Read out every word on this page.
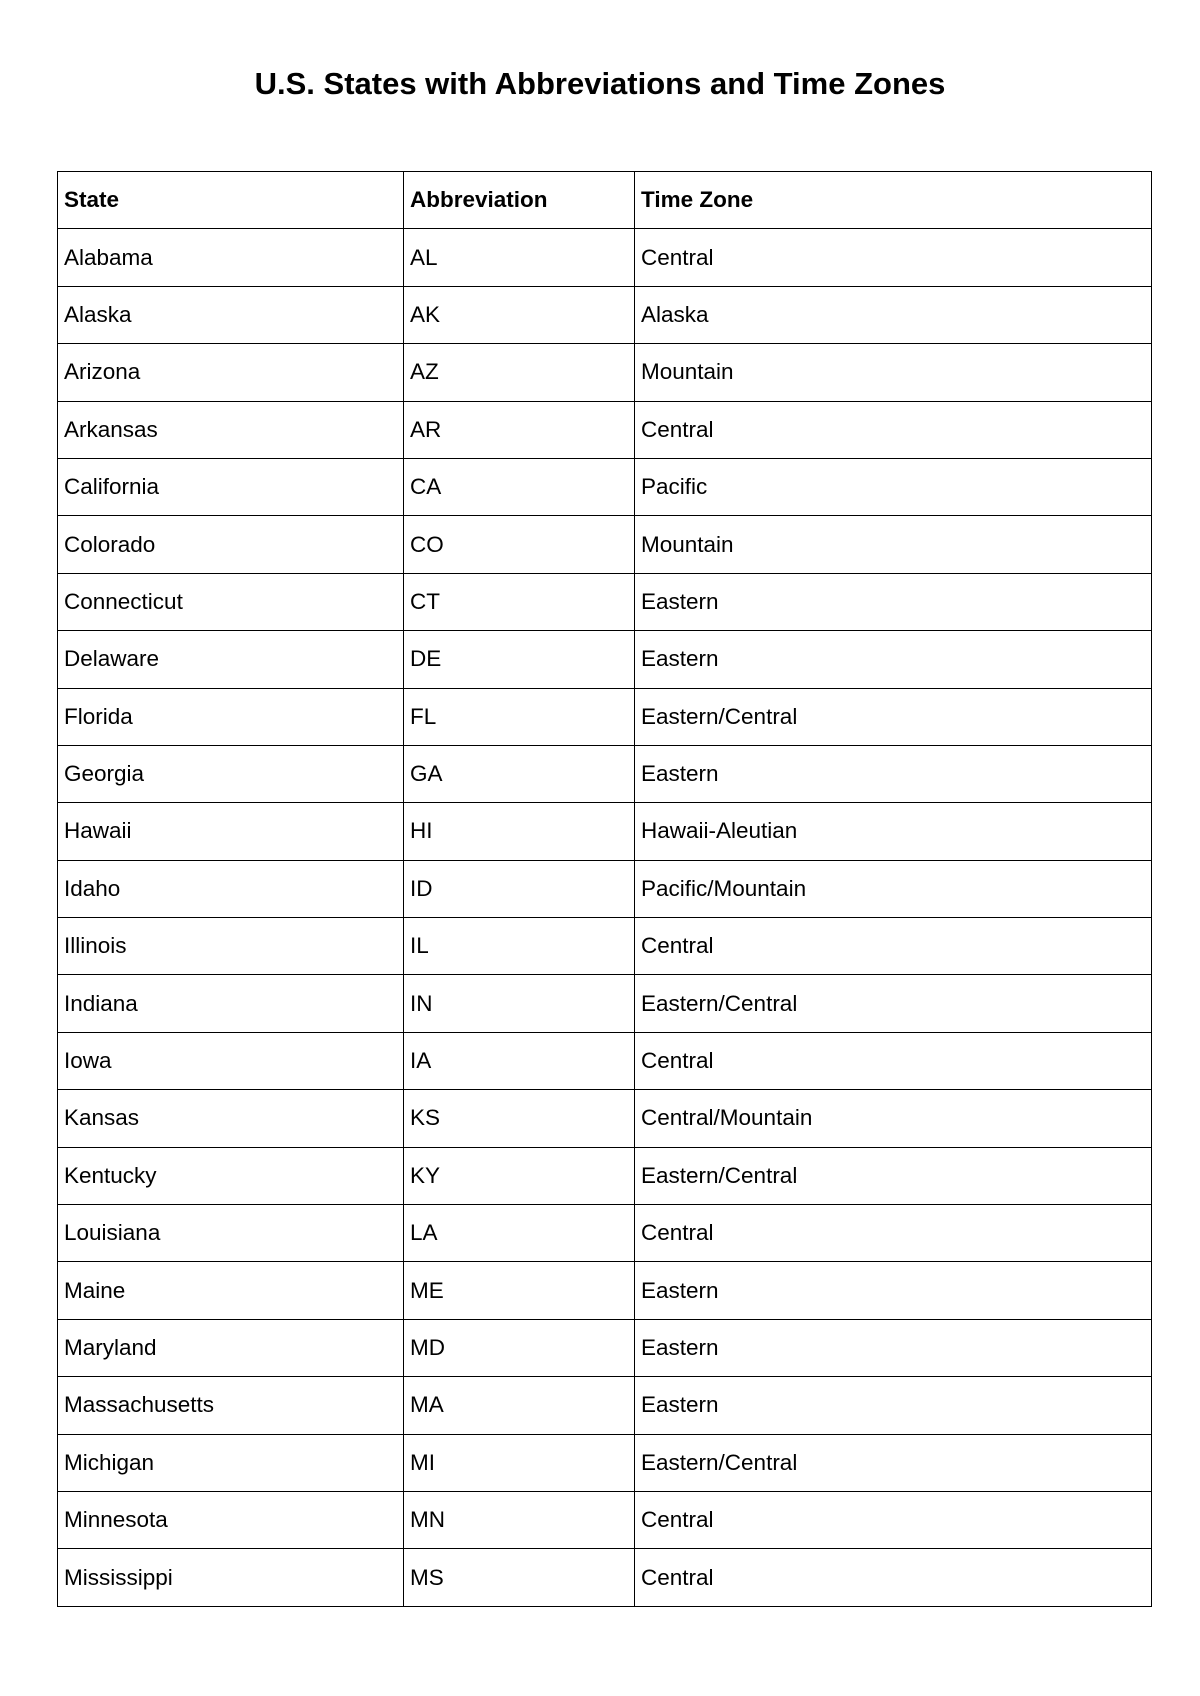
U.S. States with Abbreviations and Time Zones
State	Abbreviation	Time Zone
Alabama	AL	Central
Alaska	AK	Alaska
Arizona	AZ	Mountain
Arkansas	AR	Central
California	CA	Pacific
Colorado	CO	Mountain
Connecticut	CT	Eastern
Delaware	DE	Eastern
Florida	FL	Eastern/Central
Georgia	GA	Eastern
Hawaii	HI	Hawaii-Aleutian
Idaho	ID	Pacific/Mountain
Illinois	IL	Central
Indiana	IN	Eastern/Central
Iowa	IA	Central
Kansas	KS	Central/Mountain
Kentucky	KY	Eastern/Central
Louisiana	LA	Central
Maine	ME	Eastern
Maryland	MD	Eastern
Massachusetts	MA	Eastern
Michigan	MI	Eastern/Central
Minnesota	MN	Central
Mississippi	MS	Central
